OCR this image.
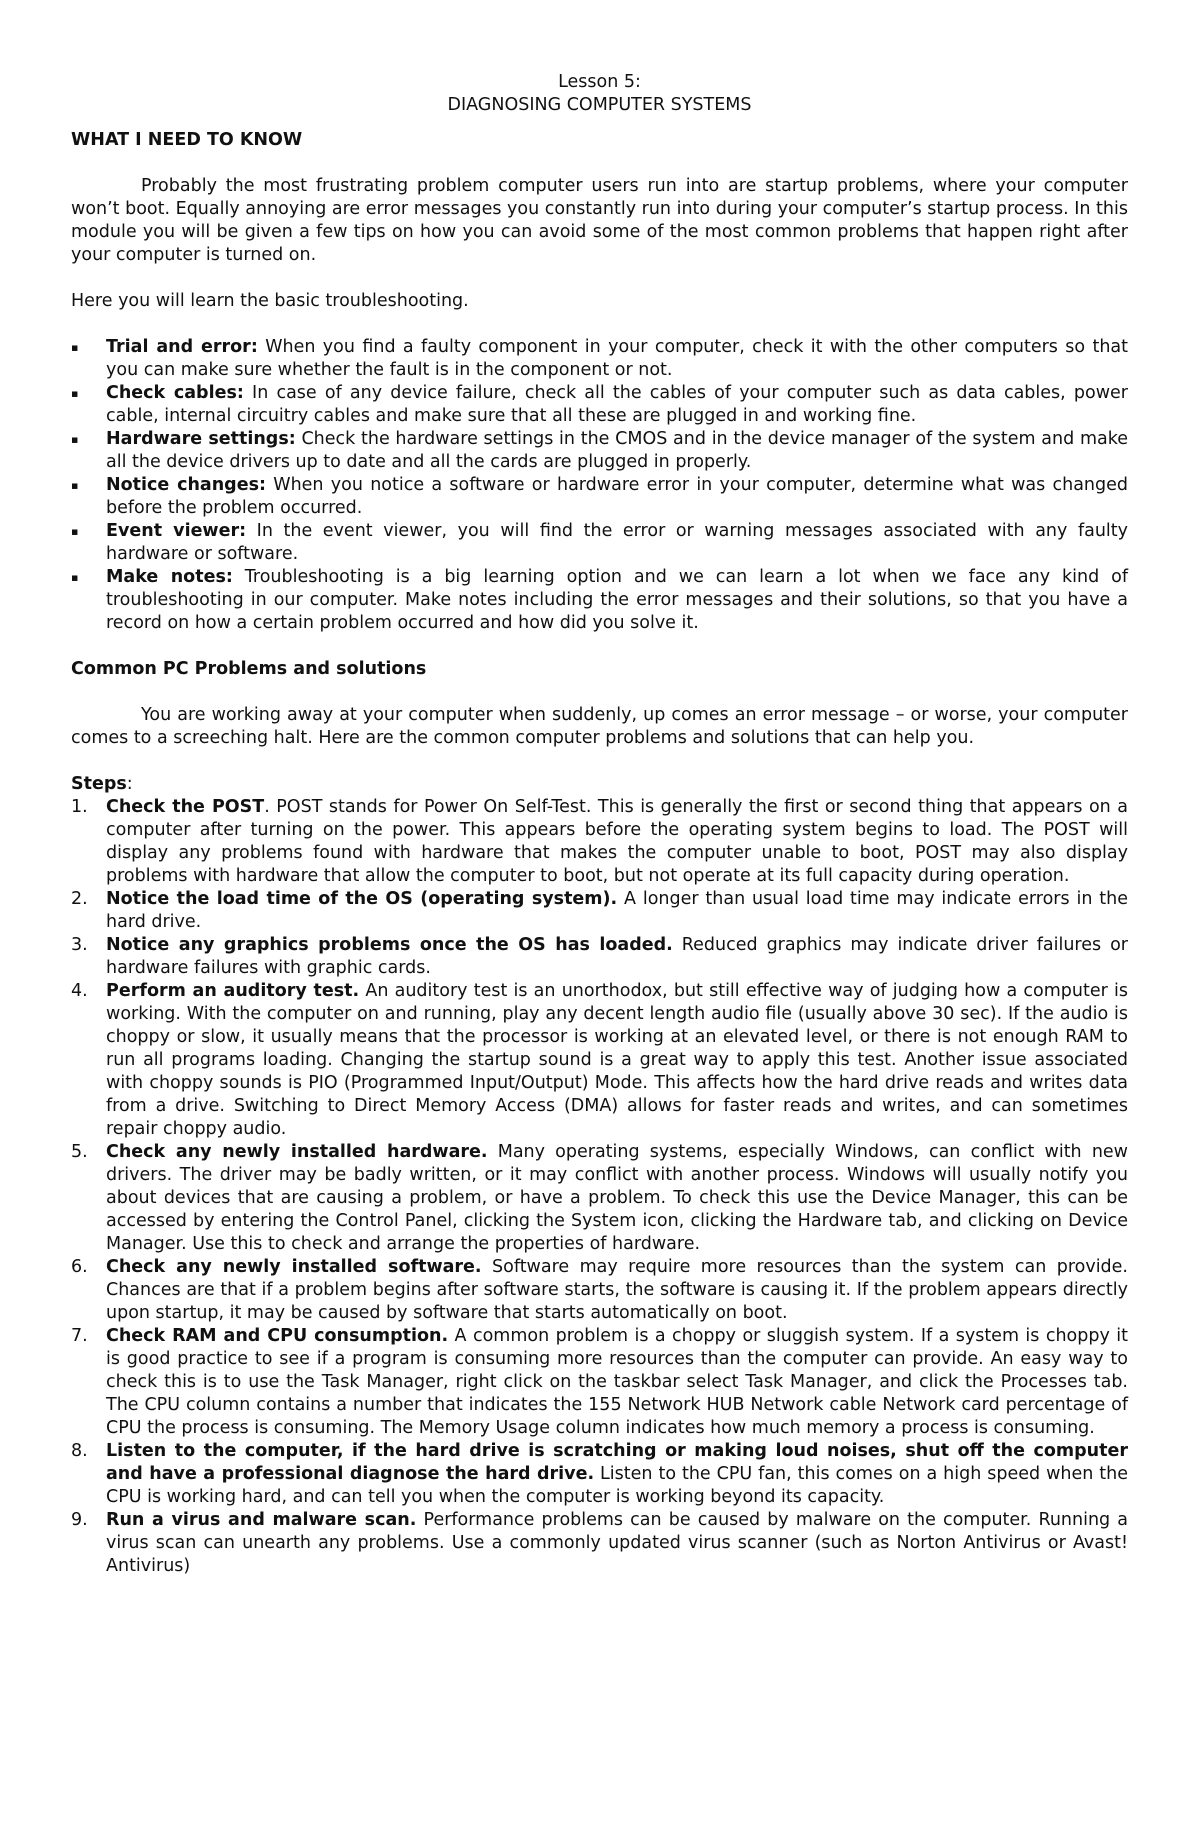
Lesson 5:
DIAGNOSING COMPUTER SYSTEMS

WHAT I NEED TO KNOW

Probably the most frustrating problem computer users run into are startup problems, where your computer won’t boot. Equally annoying are error messages you constantly run into during your computer’s startup process. In this module you will be given a few tips on how you can avoid some of the most common problems that happen right after your computer is turned on.

Here you will learn the basic troubleshooting.

▪ Trial and error: When you find a faulty component in your computer, check it with the other computers so that you can make sure whether the fault is in the component or not.
▪ Check cables: In case of any device failure, check all the cables of your computer such as data cables, power cable, internal circuitry cables and make sure that all these are plugged in and working fine.
▪ Hardware settings: Check the hardware settings in the CMOS and in the device manager of the system and make all the device drivers up to date and all the cards are plugged in properly.
▪ Notice changes: When you notice a software or hardware error in your computer, determine what was changed before the problem occurred.
▪ Event viewer: In the event viewer, you will find the error or warning messages associated with any faulty hardware or software.
▪ Make notes: Troubleshooting is a big learning option and we can learn a lot when we face any kind of troubleshooting in our computer. Make notes including the error messages and their solutions, so that you have a record on how a certain problem occurred and how did you solve it.

Common PC Problems and solutions

You are working away at your computer when suddenly, up comes an error message – or worse, your computer comes to a screeching halt. Here are the common computer problems and solutions that can help you.

Steps:

1. Check the POST. POST stands for Power On Self-Test. This is generally the first or second thing that appears on a computer after turning on the power. This appears before the operating system begins to load. The POST will display any problems found with hardware that makes the computer unable to boot, POST may also display problems with hardware that allow the computer to boot, but not operate at its full capacity during operation.
2. Notice the load time of the OS (operating system). A longer than usual load time may indicate errors in the hard drive.
3. Notice any graphics problems once the OS has loaded. Reduced graphics may indicate driver failures or hardware failures with graphic cards.
4. Perform an auditory test. An auditory test is an unorthodox, but still effective way of judging how a computer is working. With the computer on and running, play any decent length audio file (usually above 30 sec). If the audio is choppy or slow, it usually means that the processor is working at an elevated level, or there is not enough RAM to run all programs loading. Changing the startup sound is a great way to apply this test. Another issue associated with choppy sounds is PIO (Programmed Input/Output) Mode. This affects how the hard drive reads and writes data from a drive. Switching to Direct Memory Access (DMA) allows for faster reads and writes, and can sometimes repair choppy audio.
5. Check any newly installed hardware. Many operating systems, especially Windows, can conflict with new drivers. The driver may be badly written, or it may conflict with another process. Windows will usually notify you about devices that are causing a problem, or have a problem. To check this use the Device Manager, this can be accessed by entering the Control Panel, clicking the System icon, clicking the Hardware tab, and clicking on Device Manager. Use this to check and arrange the properties of hardware.
6. Check any newly installed software. Software may require more resources than the system can provide. Chances are that if a problem begins after software starts, the software is causing it. If the problem appears directly upon startup, it may be caused by software that starts automatically on boot.
7. Check RAM and CPU consumption. A common problem is a choppy or sluggish system. If a system is choppy it is good practice to see if a program is consuming more resources than the computer can provide. An easy way to check this is to use the Task Manager, right click on the taskbar select Task Manager, and click the Processes tab. The CPU column contains a number that indicates the 155 Network HUB Network cable Network card percentage of CPU the process is consuming. The Memory Usage column indicates how much memory a process is consuming.
8. Listen to the computer, if the hard drive is scratching or making loud noises, shut off the computer and have a professional diagnose the hard drive. Listen to the CPU fan, this comes on a high speed when the CPU is working hard, and can tell you when the computer is working beyond its capacity.
9. Run a virus and malware scan. Performance problems can be caused by malware on the computer. Running a virus scan can unearth any problems. Use a commonly updated virus scanner (such as Norton Antivirus or Avast! Antivirus)
